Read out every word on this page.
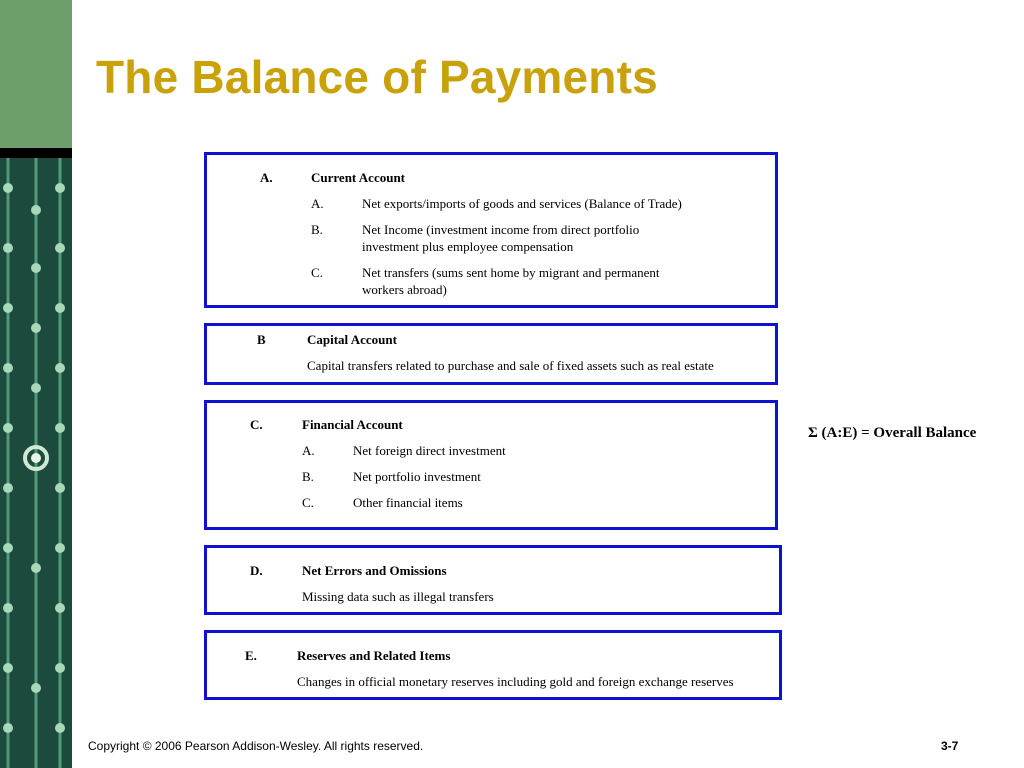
The Balance of Payments
A.	Current Account
A.	Net exports/imports of goods and services (Balance of Trade)
B.	Net Income (investment income from direct portfolio
investment plus employee compensation
C.	Net transfers (sums sent home by migrant and permanent
workers abroad)
B	Capital Account
Capital transfers related to purchase and sale of fixed assets such as real estate
C.	Financial Account
A.	Net foreign direct investment
B.	Net portfolio investment
C.	Other financial items
D.	Net Errors and Omissions
Missing data such as illegal transfers
E.	Reserves and Related Items
Changes in official monetary reserves including gold and foreign exchange reserves
Σ (A:E) = Overall Balance
Copyright © 2006 Pearson Addison-Wesley. All rights reserved.	3-7
